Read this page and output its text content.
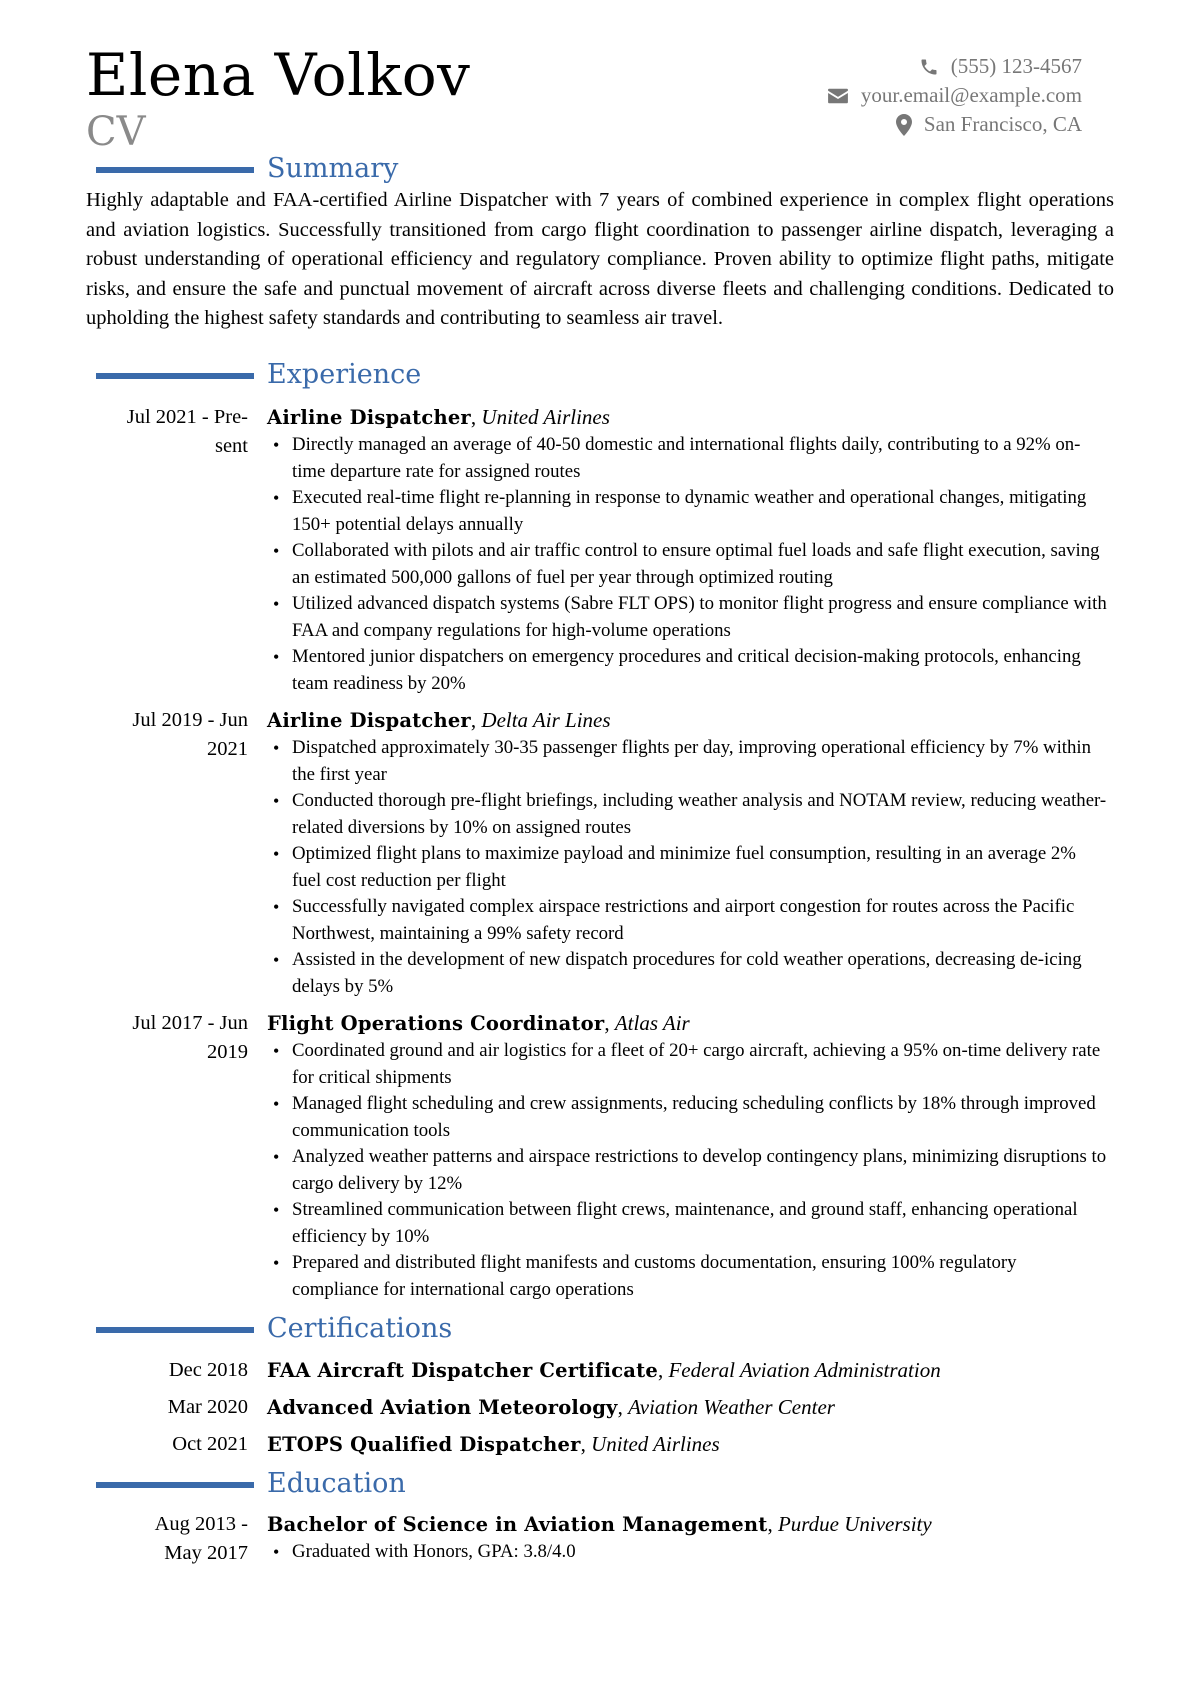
Elena Volkov
CV
(555) 123-4567
your.email@example.com
San Francisco, CA
Summary
Highly adaptable and FAA-certified Airline Dispatcher with 7 years of combined experience in complex flight operations and aviation logistics. Successfully transitioned from cargo flight coordination to passenger airline dispatch, leveraging a robust understanding of operational efficiency and regulatory compliance. Proven ability to optimize flight paths, mitigate risks, and ensure the safe and punctual movement of aircraft across diverse fleets and challenging conditions. Dedicated to upholding the highest safety standards and contributing to seamless air travel.
Experience
Jul 2021 - Pre-
sent
Airline Dispatcher, United Airlines
• Directly managed an average of 40-50 domestic and international flights daily, contributing to a 92% on-time departure rate for assigned routes
• Executed real-time flight re-planning in response to dynamic weather and operational changes, mitigating 150+ potential delays annually
• Collaborated with pilots and air traffic control to ensure optimal fuel loads and safe flight execution, saving an estimated 500,000 gallons of fuel per year through optimized routing
• Utilized advanced dispatch systems (Sabre FLT OPS) to monitor flight progress and ensure compliance with FAA and company regulations for high-volume operations
• Mentored junior dispatchers on emergency procedures and critical decision-making protocols, enhancing team readiness by 20%
Jul 2019 - Jun
2021
Airline Dispatcher, Delta Air Lines
• Dispatched approximately 30-35 passenger flights per day, improving operational efficiency by 7% within the first year
• Conducted thorough pre-flight briefings, including weather analysis and NOTAM review, reducing weather-related diversions by 10% on assigned routes
• Optimized flight plans to maximize payload and minimize fuel consumption, resulting in an average 2% fuel cost reduction per flight
• Successfully navigated complex airspace restrictions and airport congestion for routes across the Pacific Northwest, maintaining a 99% safety record
• Assisted in the development of new dispatch procedures for cold weather operations, decreasing de-icing delays by 5%
Jul 2017 - Jun
2019
Flight Operations Coordinator, Atlas Air
• Coordinated ground and air logistics for a fleet of 20+ cargo aircraft, achieving a 95% on-time delivery rate for critical shipments
• Managed flight scheduling and crew assignments, reducing scheduling conflicts by 18% through improved communication tools
• Analyzed weather patterns and airspace restrictions to develop contingency plans, minimizing disruptions to cargo delivery by 12%
• Streamlined communication between flight crews, maintenance, and ground staff, enhancing operational efficiency by 10%
• Prepared and distributed flight manifests and customs documentation, ensuring 100% regulatory compliance for international cargo operations
Certifications
Dec 2018 FAA Aircraft Dispatcher Certificate, Federal Aviation Administration
Mar 2020 Advanced Aviation Meteorology, Aviation Weather Center
Oct 2021 ETOPS Qualified Dispatcher, United Airlines
Education
Aug 2013 -
May 2017
Bachelor of Science in Aviation Management, Purdue University
• Graduated with Honors, GPA: 3.8/4.0
